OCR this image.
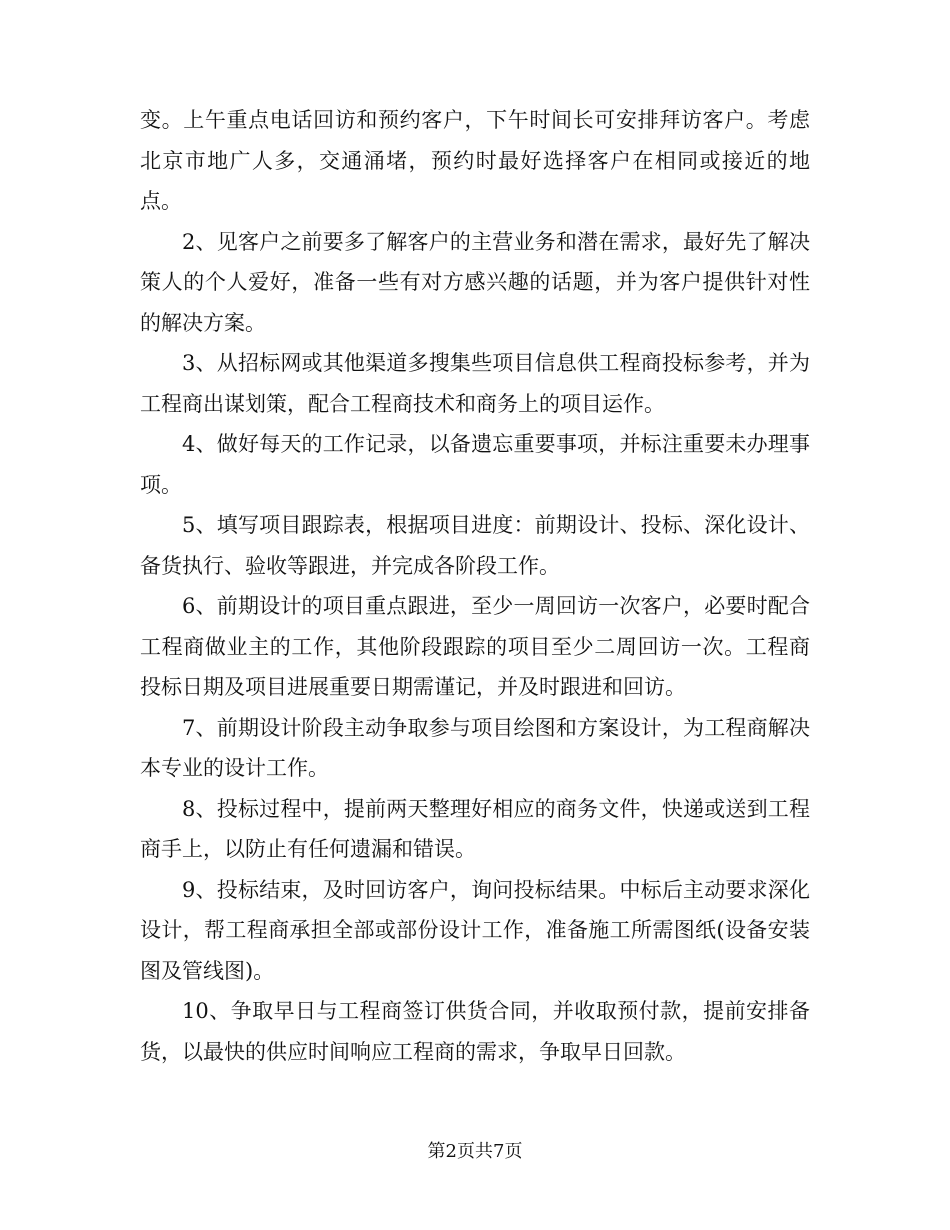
变。上午重点电话回访和预约客户，下午时间长可安排拜访客户。考虑北京市地广人多，交通涌堵，预约时最好选择客户在相同或接近的地点。

2、见客户之前要多了解客户的主营业务和潜在需求，最好先了解决策人的个人爱好，准备一些有对方感兴趣的话题，并为客户提供针对性的解决方案。

3、从招标网或其他渠道多搜集些项目信息供工程商投标参考，并为工程商出谋划策，配合工程商技术和商务上的项目运作。

4、做好每天的工作记录，以备遗忘重要事项，并标注重要未办理事项。

5、填写项目跟踪表，根据项目进度：前期设计、投标、深化设计、备货执行、验收等跟进，并完成各阶段工作。

6、前期设计的项目重点跟进，至少一周回访一次客户，必要时配合工程商做业主的工作，其他阶段跟踪的项目至少二周回访一次。工程商投标日期及项目进展重要日期需谨记，并及时跟进和回访。

7、前期设计阶段主动争取参与项目绘图和方案设计，为工程商解决本专业的设计工作。

8、投标过程中，提前两天整理好相应的商务文件，快递或送到工程商手上，以防止有任何遗漏和错误。

9、投标结束，及时回访客户，询问投标结果。中标后主动要求深化设计，帮工程商承担全部或部份设计工作，准备施工所需图纸(设备安装图及管线图)。

10、争取早日与工程商签订供货合同，并收取预付款，提前安排备货，以最快的供应时间响应工程商的需求，争取早日回款。

第2页共7页
